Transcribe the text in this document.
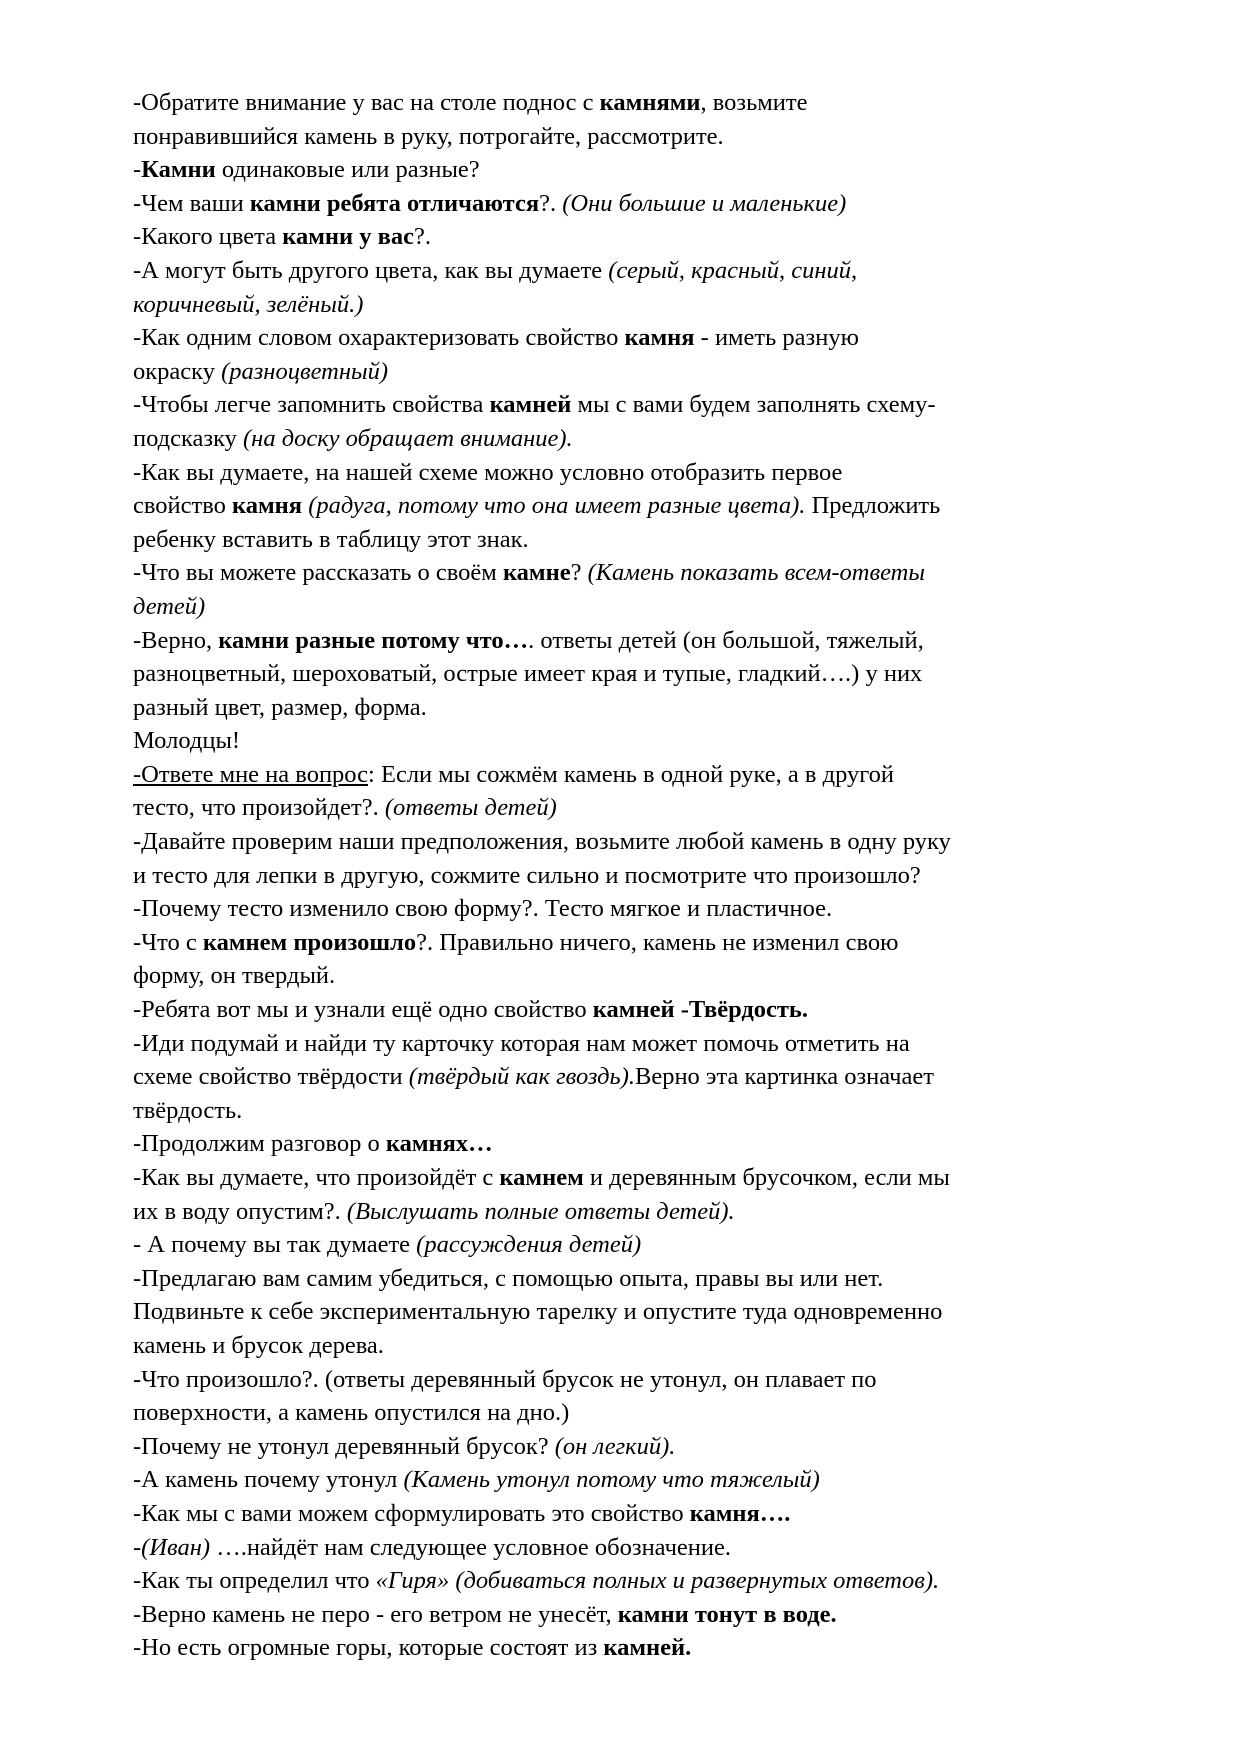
-Обратите внимание у вас на столе поднос с камнями, возьмите
понравившийся камень в руку, потрогайте, рассмотрите.
-Камни одинаковые или разные?
-Чем ваши камни ребята отличаются?. (Они большие и маленькие)
-Какого цвета камни у вас?.
-А могут быть другого цвета, как вы думаете (серый, красный, синий,
коричневый, зелёный.)
-Как одним словом охарактеризовать свойство камня - иметь разную
окраску (разноцветный)
-Чтобы легче запомнить свойства камней мы с вами будем заполнять схему-
подсказку (на доску обращает внимание).
-Как вы думаете, на нашей схеме можно условно отобразить первое
свойство камня (радуга, потому что она имеет разные цвета). Предложить
ребенку вставить в таблицу этот знак.
-Что вы можете рассказать о своём камне? (Камень показать всем-ответы
детей)
-Верно, камни разные потому что…. ответы детей (он большой, тяжелый,
разноцветный, шероховатый, острые имеет края и тупые, гладкий….) у них
разный цвет, размер, форма.
Молодцы!
-Ответе мне на вопрос: Если мы сожмём камень в одной руке, а в другой
тесто, что произойдет?. (ответы детей)
-Давайте проверим наши предположения, возьмите любой камень в одну руку
и тесто для лепки в другую, сожмите сильно и посмотрите что произошло?
-Почему тесто изменило свою форму?. Тесто мягкое и пластичное.
-Что с камнем произошло?. Правильно ничего, камень не изменил свою
форму, он твердый.
-Ребята вот мы и узнали ещё одно свойство камней -Твёрдость.
-Иди подумай и найди ту карточку которая нам может помочь отметить на
схеме свойство твёрдости (твёрдый как гвоздь).Верно эта картинка означает
твёрдость.
-Продолжим разговор о камнях…
-Как вы думаете, что произойдёт с камнем и деревянным брусочком, если мы
их в воду опустим?. (Выслушать полные ответы детей).
- А почему вы так думаете (рассуждения детей)
-Предлагаю вам самим убедиться, с помощью опыта, правы вы или нет.
Подвиньте к себе экспериментальную тарелку и опустите туда одновременно
камень и брусок дерева.
-Что произошло?. (ответы деревянный брусок не утонул, он плавает по
поверхности, а камень опустился на дно.)
-Почему не утонул деревянный брусок? (он легкий).
-А камень почему утонул (Камень утонул потому что тяжелый)
-Как мы с вами можем сформулировать это свойство камня….
-(Иван) ….найдёт нам следующее условное обозначение.
-Как ты определил что «Гиря» (добиваться полных и развернутых ответов).
-Верно камень не перо - его ветром не унесёт, камни тонут в воде.
-Но есть огромные горы, которые состоят из камней.
